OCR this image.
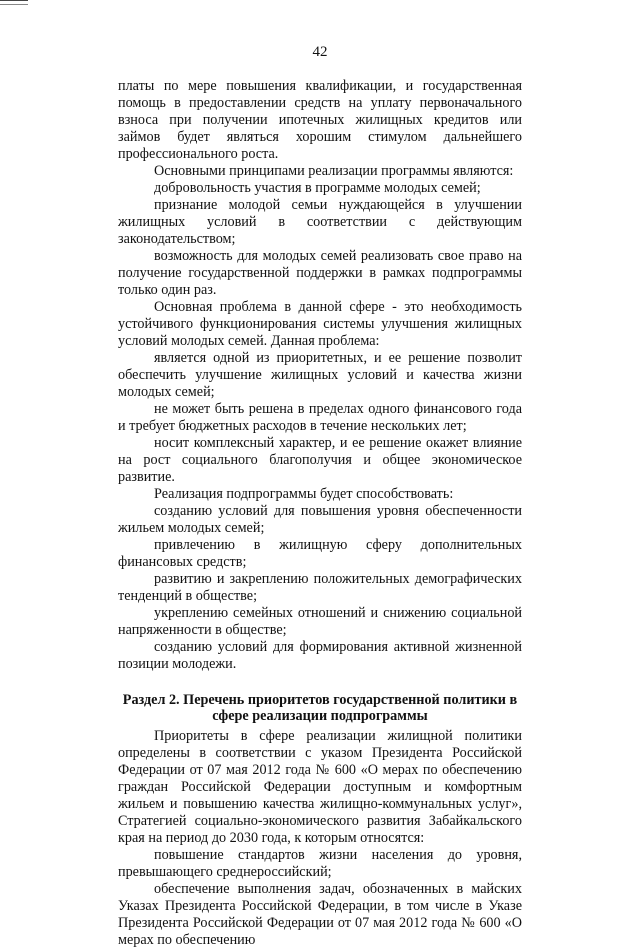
42

платы по мере повышения квалификации, и государственная помощь в предоставлении средств на уплату первоначального взноса при получении ипотечных жилищных кредитов или займов будет являться хорошим стимулом дальнейшего профессионального роста.

Основными принципами реализации программы являются:

добровольность участия в программе молодых семей;

признание молодой семьи нуждающейся в улучшении жилищных условий в соответствии с действующим законодательством;

возможность для молодых семей реализовать свое право на получение государственной поддержки в рамках подпрограммы только один раз.

Основная проблема в данной сфере - это необходимость устойчивого функционирования системы улучшения жилищных условий молодых семей. Данная проблема:

является одной из приоритетных, и ее решение позволит обеспечить улучшение жилищных условий и качества жизни молодых семей;

не может быть решена в пределах одного финансового года и требует бюджетных расходов в течение нескольких лет;

носит комплексный характер, и ее решение окажет влияние на рост социального благополучия и общее экономическое развитие.

Реализация подпрограммы будет способствовать:

созданию условий для повышения уровня обеспеченности жильем молодых семей;

привлечению в жилищную сферу дополнительных финансовых средств;

развитию и закреплению положительных демографических тенденций в обществе;

укреплению семейных отношений и снижению социальной напряженности в обществе;

созданию условий для формирования активной жизненной позиции молодежи.

Раздел 2. Перечень приоритетов государственной политики в сфере реализации подпрограммы

Приоритеты в сфере реализации жилищной политики определены в соответствии с указом Президента Российской Федерации от 07 мая 2012 года № 600 «О мерах по обеспечению граждан Российской Федерации доступным и комфортным жильем и повышению качества жилищно-коммунальных услуг», Стратегией социально-экономического развития Забайкальского края на период до 2030 года, к которым относятся:

повышение стандартов жизни населения до уровня, превышающего среднероссийский;

обеспечение выполнения задач, обозначенных в майских Указах Президента Российской Федерации, в том числе в Указе Президента Российской Федерации от 07 мая 2012 года № 600 «О мерах по обеспечению
